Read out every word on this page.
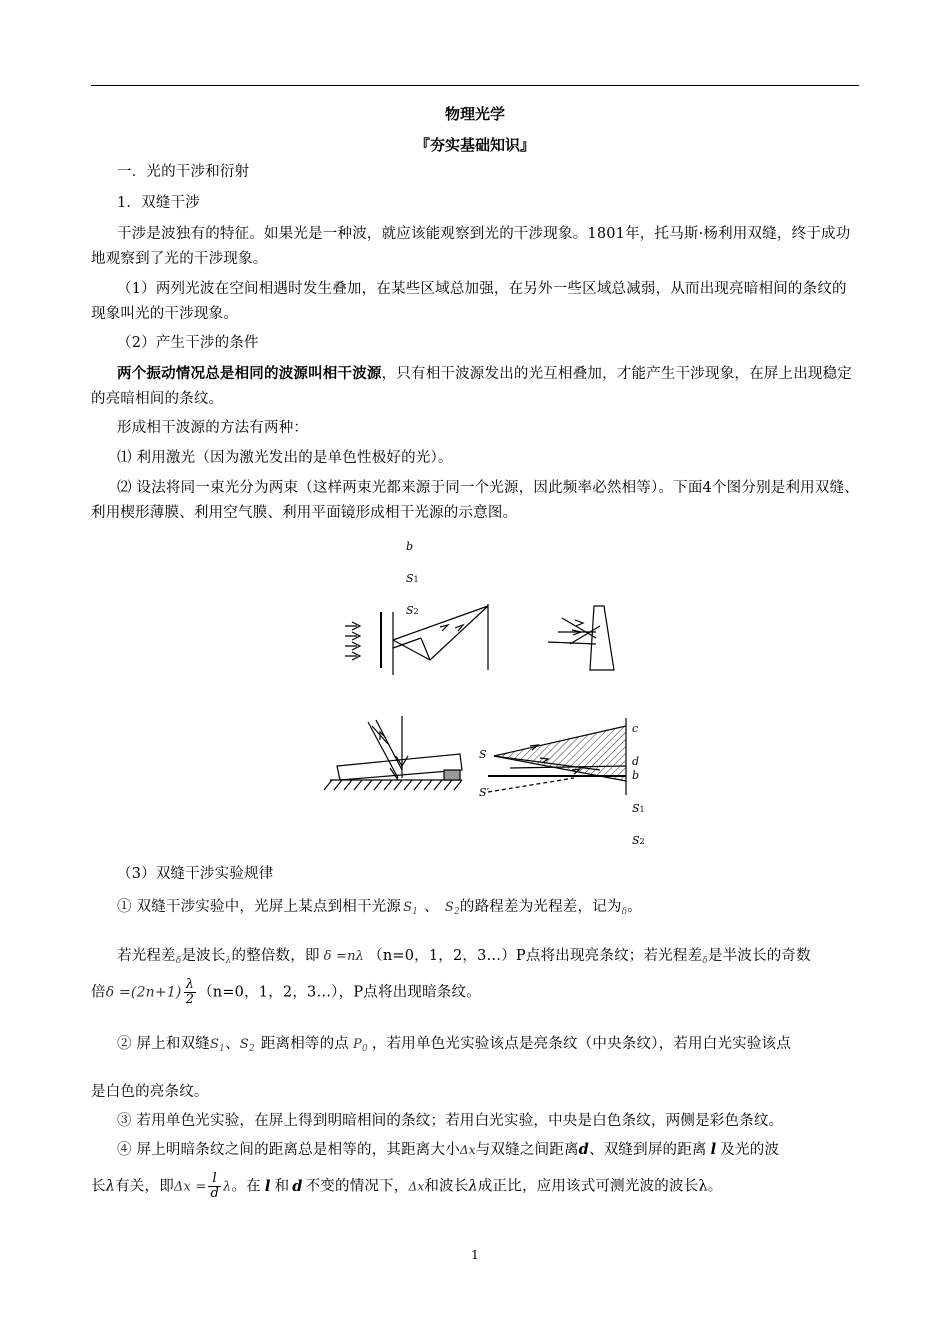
物理光学
『夯实基础知识』
一．光的干涉和衍射
1．双缝干涉
干涉是波独有的特征。如果光是一种波，就应该能观察到光的干涉现象。1801年，托马斯·杨利用双缝，终于成功地观察到了光的干涉现象。
（1）两列光波在空间相遇时发生叠加，在某些区域总加强，在另外一些区域总减弱，从而出现亮暗相间的条纹的现象叫光的干涉现象。
（2）产生干涉的条件
两个振动情况总是相同的波源叫相干波源，只有相干波源发出的光互相叠加，才能产生干涉现象，在屏上出现稳定的亮暗相间的条纹。
形成相干波源的方法有两种：
⑴ 利用激光（因为激光发出的是单色性极好的光）。
⑵ 设法将同一束光分为两束（这样两束光都来源于同一个光源，因此频率必然相等）。下面4个图分别是利用双缝、利用楔形薄膜、利用空气膜、利用平面镜形成相干光源的示意图。
b
S1
S2
S
S′
c
d
b
S1
S2
（3）双缝干涉实验规律
① 双缝干涉实验中，光屏上某点到相干光源 $S_1$ 、 $S_2$的路程差为光程差，记为$_\delta$。
若光程差$_\delta$是波长$_\lambda$的整倍数，即 δ =nλ （n=0，1，2，3…）P点将出现亮条纹；若光程差$_\delta$是半波长的奇数
倍$\delta =(2n+1) \frac{\lambda}{2} (n=0$，1，2，3…），P点将出现暗条纹。
② 屏上和双缝$S_1$、$S_2$ 距离相等的点 $P_0$ ，若用单色光实验该点是亮条纹（中央条纹），若用白光实验该点
是白色的亮条纹。
③ 若用单色光实验，在屏上得到明暗相间的条纹；若用白光实验，中央是白色条纹，两侧是彩色条纹。
④ 屏上明暗条纹之间的距离总是相等的，其距离大小Δx与双缝之间距离d、双缝到屏的距离 l 及光的波
长λ有关，即$\Delta x = \frac{l}{d}$ λ。在 l 和 d 不变的情况下，Δx和波长λ成正比，应用该式可测光波的波长λ。
1
